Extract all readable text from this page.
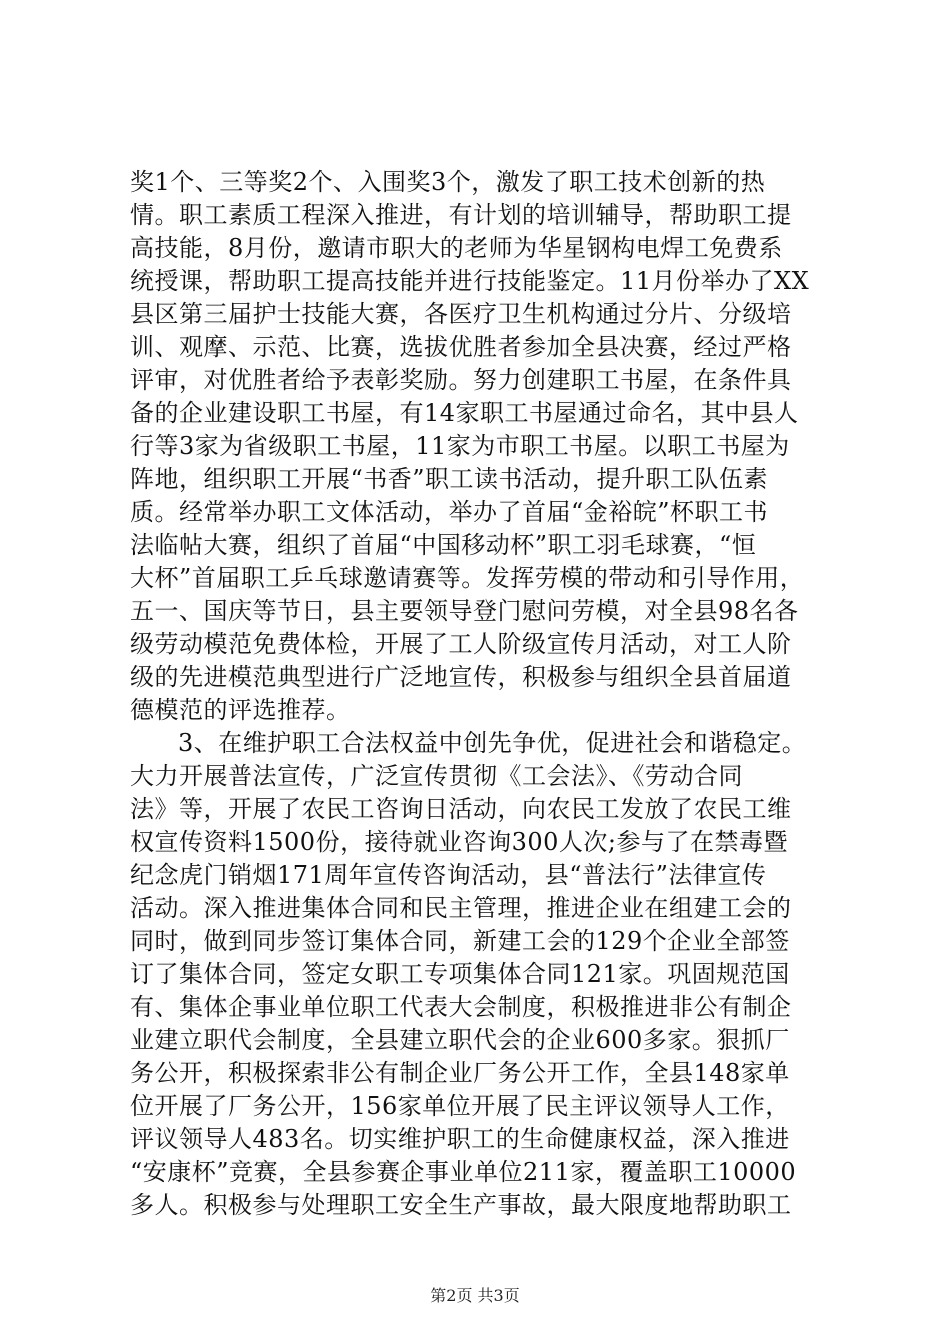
奖1个、三等奖2个、入围奖3个，激发了职工技术创新的热
情。职工素质工程深入推进，有计划的培训辅导，帮助职工提
高技能，8月份，邀请市职大的老师为华星钢构电焊工免费系
统授课，帮助职工提高技能并进行技能鉴定。11月份举办了XX
县区第三届护士技能大赛，各医疗卫生机构通过分片、分级培
训、观摩、示范、比赛，选拔优胜者参加全县决赛，经过严格
评审，对优胜者给予表彰奖励。努力创建职工书屋，在条件具
备的企业建设职工书屋，有14家职工书屋通过命名，其中县人
行等3家为省级职工书屋，11家为市职工书屋。以职工书屋为
阵地，组织职工开展“书香”职工读书活动，提升职工队伍素
质。经常举办职工文体活动，举办了首届“金裕皖”杯职工书
法临帖大赛，组织了首届“中国移动杯”职工羽毛球赛，“恒
大杯”首届职工乒乓球邀请赛等。发挥劳模的带动和引导作用，
五一、国庆等节日，县主要领导登门慰问劳模，对全县98名各
级劳动模范免费体检，开展了工人阶级宣传月活动，对工人阶
级的先进模范典型进行广泛地宣传，积极参与组织全县首届道
德模范的评选推荐。
3、在维护职工合法权益中创先争优，促进社会和谐稳定。
大力开展普法宣传，广泛宣传贯彻《工会法》、《劳动合同
法》等，开展了农民工咨询日活动，向农民工发放了农民工维
权宣传资料1500份，接待就业咨询300人次;参与了在禁毒暨
纪念虎门销烟171周年宣传咨询活动，县“普法行”法律宣传
活动。深入推进集体合同和民主管理，推进企业在组建工会的
同时，做到同步签订集体合同，新建工会的129个企业全部签
订了集体合同，签定女职工专项集体合同121家。巩固规范国
有、集体企事业单位职工代表大会制度，积极推进非公有制企
业建立职代会制度，全县建立职代会的企业600多家。狠抓厂
务公开，积极探索非公有制企业厂务公开工作，全县148家单
位开展了厂务公开，156家单位开展了民主评议领导人工作，
评议领导人483名。切实维护职工的生命健康权益，深入推进
“安康杯”竞赛，全县参赛企事业单位211家，覆盖职工10000
多人。积极参与处理职工安全生产事故，最大限度地帮助职工
第2页 共3页
